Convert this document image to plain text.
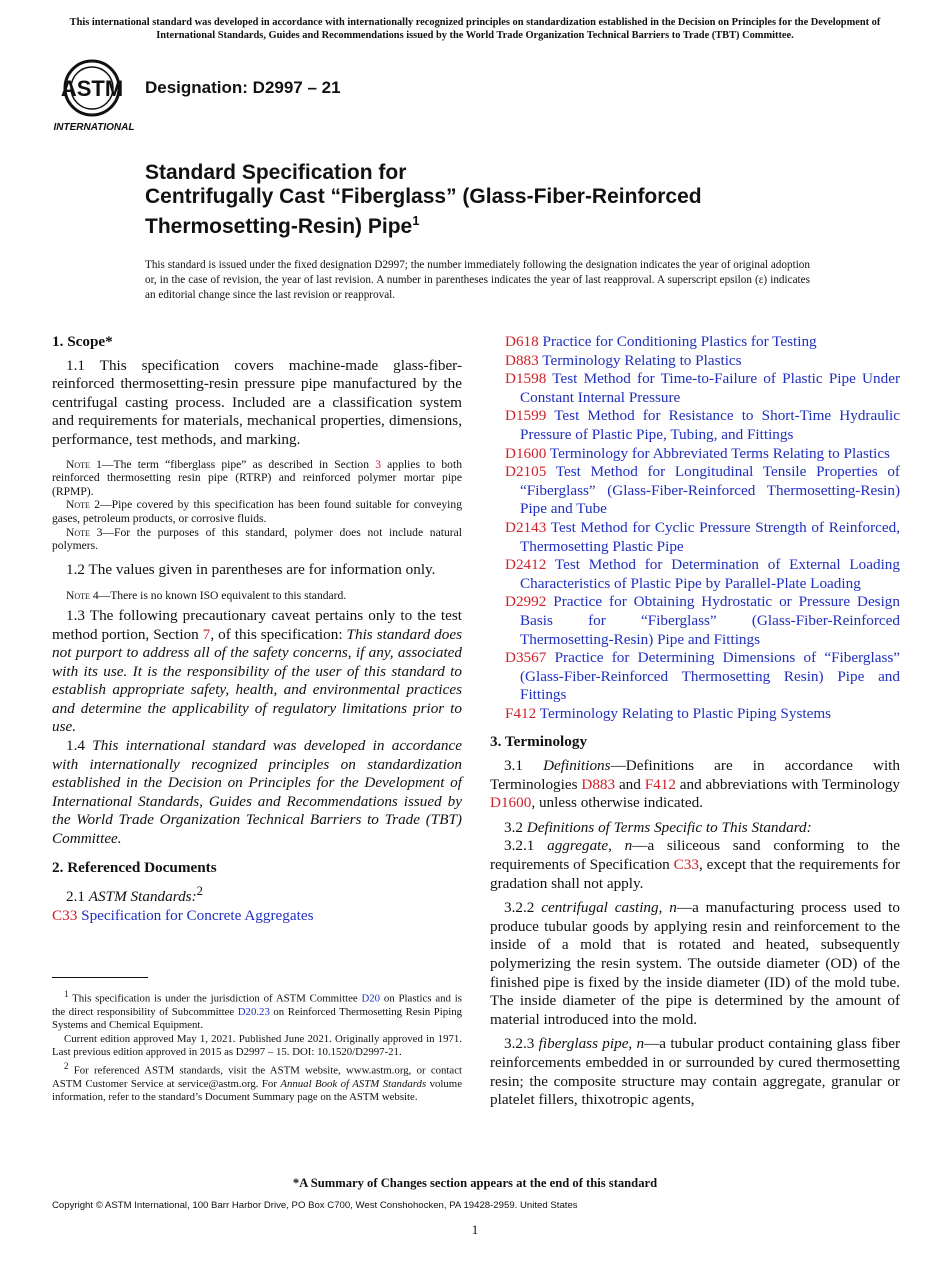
This international standard was developed in accordance with internationally recognized principles on standardization established in the Decision on Principles for the Development of International Standards, Guides and Recommendations issued by the World Trade Organization Technical Barriers to Trade (TBT) Committee.
ASTM
INTERNATIONAL
Designation: D2997 – 21
Standard Specification for
Centrifugally Cast “Fiberglass” (Glass-Fiber-Reinforced
Thermosetting-Resin) Pipe$^1$
This standard is issued under the fixed designation D2997; the number immediately following the designation indicates the year of original adoption or, in the case of revision, the year of last revision. A number in parentheses indicates the year of last reapproval. A superscript epsilon (ε) indicates an editorial change since the last revision or reapproval.
1. Scope*

1.1 This specification covers machine-made glass-fiber-reinforced thermosetting-resin pressure pipe manufactured by the centrifugal casting process. Included are a classification system and requirements for materials, mechanical properties, dimensions, performance, test methods, and marking.

Note 1—The term “fiberglass pipe” as described in Section 3 applies to both reinforced thermosetting resin pipe (RTRP) and reinforced polymer mortar pipe (RPMP).

Note 2—Pipe covered by this specification has been found suitable for conveying gases, petroleum products, or corrosive fluids.

Note 3—For the purposes of this standard, polymer does not include natural polymers.

1.2 The values given in parentheses are for information only.

Note 4—There is no known ISO equivalent to this standard.

1.3 The following precautionary caveat pertains only to the test method portion, Section 7, of this specification: This standard does not purport to address all of the safety concerns, if any, associated with its use. It is the responsibility of the user of this standard to establish appropriate safety, health, and environmental practices and determine the applicability of regulatory limitations prior to use.

1.4 This international standard was developed in accordance with internationally recognized principles on standardization established in the Decision on Principles for the Development of International Standards, Guides and Recommendations issued by the World Trade Organization Technical Barriers to Trade (TBT) Committee.

2. Referenced Documents

2.1 ASTM Standards:$^2$

C33 Specification for Concrete Aggregates

$^1$ This specification is under the jurisdiction of ASTM Committee D20 on Plastics and is the direct responsibility of Subcommittee D20.23 on Reinforced Thermosetting Resin Piping Systems and Chemical Equipment.

Current edition approved May 1, 2021. Published June 2021. Originally approved in 1971. Last previous edition approved in 2015 as D2997 – 15. DOI: 10.1520/D2997-21.

$^2$ For referenced ASTM standards, visit the ASTM website, www.astm.org, or contact ASTM Customer Service at service@astm.org. For Annual Book of ASTM Standards volume information, refer to the standard’s Document Summary page on the ASTM website.

D618 Practice for Conditioning Plastics for Testing

D883 Terminology Relating to Plastics

D1598 Test Method for Time-to-Failure of Plastic Pipe Under Constant Internal Pressure

D1599 Test Method for Resistance to Short-Time Hydraulic Pressure of Plastic Pipe, Tubing, and Fittings

D1600 Terminology for Abbreviated Terms Relating to Plastics

D2105 Test Method for Longitudinal Tensile Properties of “Fiberglass” (Glass-Fiber-Reinforced Thermosetting-Resin) Pipe and Tube

D2143 Test Method for Cyclic Pressure Strength of Reinforced, Thermosetting Plastic Pipe

D2412 Test Method for Determination of External Loading Characteristics of Plastic Pipe by Parallel-Plate Loading

D2992 Practice for Obtaining Hydrostatic or Pressure Design Basis for “Fiberglass” (Glass-Fiber-Reinforced Thermosetting-Resin) Pipe and Fittings

D3567 Practice for Determining Dimensions of “Fiberglass” (Glass-Fiber-Reinforced Thermosetting Resin) Pipe and Fittings

F412 Terminology Relating to Plastic Piping Systems

3. Terminology

3.1 Definitions—Definitions are in accordance with Terminologies D883 and F412 and abbreviations with Terminology D1600, unless otherwise indicated.

3.2 Definitions of Terms Specific to This Standard:

3.2.1 aggregate, n—a siliceous sand conforming to the requirements of Specification C33, except that the requirements for gradation shall not apply.

3.2.2 centrifugal casting, n—a manufacturing process used to produce tubular goods by applying resin and reinforcement to the inside of a mold that is rotated and heated, subsequently polymerizing the resin system. The outside diameter (OD) of the finished pipe is fixed by the inside diameter (ID) of the mold tube. The inside diameter of the pipe is determined by the amount of material introduced into the mold.

3.2.3 fiberglass pipe, n—a tubular product containing glass fiber reinforcements embedded in or surrounded by cured thermosetting resin; the composite structure may contain aggregate, granular or platelet fillers, thixotropic agents,

*A Summary of Changes section appears at the end of this standard
Copyright © ASTM International, 100 Barr Harbor Drive, PO Box C700, West Conshohocken, PA 19428-2959. United States
1
